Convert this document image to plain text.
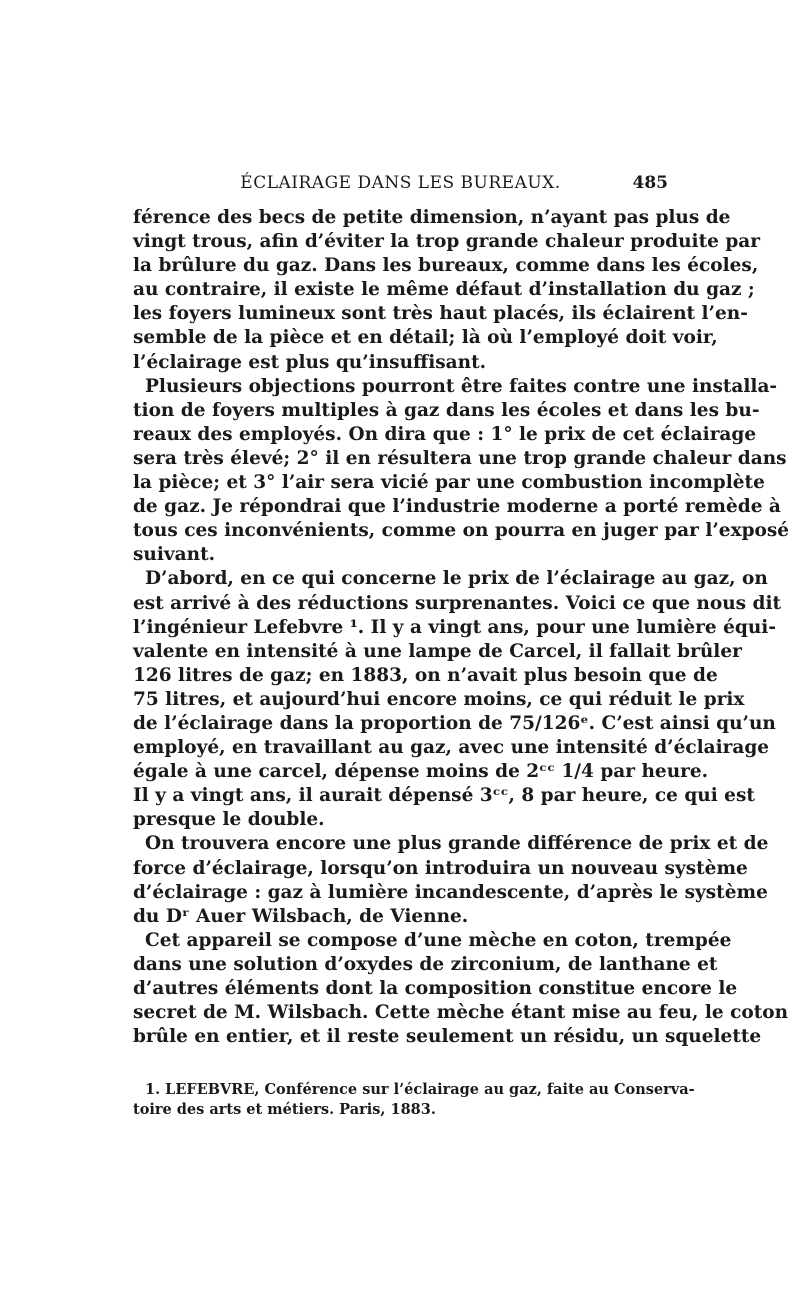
ÉCLAIRAGE DANS LES BUREAUX.	485
férence des becs de petite dimension, n’ayant pas plus de
vingt trous, afin d’éviter la trop grande chaleur produite par
la brûlure du gaz. Dans les bureaux, comme dans les écoles,
au contraire, il existe le même défaut d’installation du gaz ;
les foyers lumineux sont très haut placés, ils éclairent l’en-
semble de la pièce et en détail; là où l’employé doit voir,
l’éclairage est plus qu’insuffisant.
Plusieurs objections pourront être faites contre une installa-
tion de foyers multiples à gaz dans les écoles et dans les bu-
reaux des employés. On dira que : 1° le prix de cet éclairage
sera très élevé; 2° il en résultera une trop grande chaleur dans
la pièce; et 3° l’air sera vicié par une combustion incomplète
de gaz. Je répondrai que l’industrie moderne a porté remède à
tous ces inconvénients, comme on pourra en juger par l’exposé
suivant.
D’abord, en ce qui concerne le prix de l’éclairage au gaz, on
est arrivé à des réductions surprenantes. Voici ce que nous dit
l’ingénieur Lefebvre ¹. Il y a vingt ans, pour une lumière équi-
valente en intensité à une lampe de Carcel, il fallait brûler
126 litres de gaz; en 1883, on n’avait plus besoin que de
75 litres, et aujourd’hui encore moins, ce qui réduit le prix
de l’éclairage dans la proportion de 75/126ᵉ. C’est ainsi qu’un
employé, en travaillant au gaz, avec une intensité d’éclairage
égale à une carcel, dépense moins de 2ᶜᶜ 1/4 par heure.
Il y a vingt ans, il aurait dépensé 3ᶜᶜ, 8 par heure, ce qui est
presque le double.
On trouvera encore une plus grande différence de prix et de
force d’éclairage, lorsqu’on introduira un nouveau système
d’éclairage : gaz à lumière incandescente, d’après le système
du Dʳ Auer Wilsbach, de Vienne.
Cet appareil se compose d’une mèche en coton, trempée
dans une solution d’oxydes de zirconium, de lanthane et
d’autres éléments dont la composition constitue encore le
secret de M. Wilsbach. Cette mèche étant mise au feu, le coton
brûle en entier, et il reste seulement un résidu, un squelette
1. LEFEBVRE, Conférence sur l’éclairage au gaz, faite au Conserva-
toire des arts et métiers. Paris, 1883.
